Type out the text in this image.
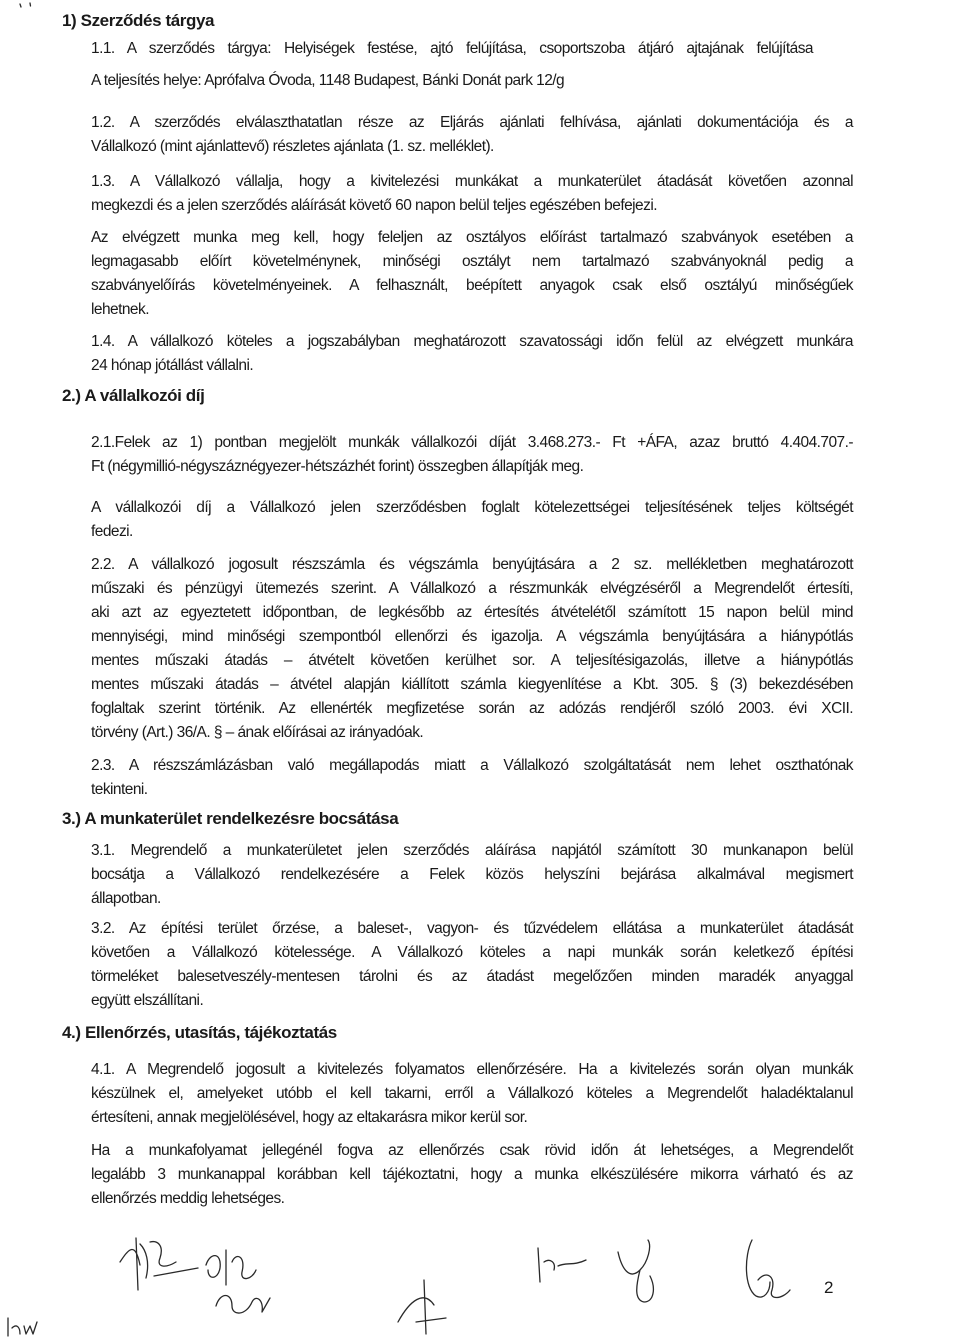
1) Szerződés tárgya
1.1. A szerződés tárgya: Helyiségek festése, ajtó felújítása, csoportszoba átjáró ajtajának felújítása
A teljesítés helye: Aprófalva Óvoda, 1148 Budapest, Bánki Donát park 12/g
1.2. A szerződés elválaszthatatlan része az Eljárás ajánlati felhívása, ajánlati dokumentációja és a
Vállalkozó (mint ajánlattevő) részletes ajánlata (1. sz. melléklet).
1.3. A Vállalkozó vállalja, hogy a kivitelezési munkákat a munkaterület átadását követően azonnal
megkezdi és a jelen szerződés aláírását követő 60 napon belül teljes egészében befejezi.
Az elvégzett munka meg kell, hogy feleljen az osztályos előírást tartalmazó szabványok esetében a
legmagasabb előírt követelménynek, minőségi osztályt nem tartalmazó szabványoknál pedig a
szabványelőírás követelményeinek. A felhasznált, beépített anyagok csak első osztályú minőségűek
lehetnek.
1.4. A vállalkozó köteles a jogszabályban meghatározott szavatossági időn felül az elvégzett munkára
24 hónap jótállást vállalni.
2.) A vállalkozói díj
2.1.Felek az 1) pontban megjelölt munkák vállalkozói díját 3.468.273.- Ft +ÁFA, azaz bruttó 4.404.707.-
Ft (négymillió-négyszáznégyezer-hétszázhét forint) összegben állapítják meg.
A vállalkozói díj a Vállalkozó jelen szerződésben foglalt kötelezettségei teljesítésének teljes költségét
fedezi.
2.2. A vállalkozó jogosult részszámla és végszámla benyújtására a 2 sz. mellékletben meghatározott
műszaki és pénzügyi ütemezés szerint. A Vállalkozó a részmunkák elvégzéséről a Megrendelőt értesíti,
aki azt az egyeztetett időpontban, de legkésőbb az értesítés átvételétől számított 15 napon belül mind
mennyiségi, mind minőségi szempontból ellenőrzi és igazolja. A végszámla benyújtására a hiánypótlás
mentes műszaki átadás – átvételt követően kerülhet sor. A teljesítésigazolás, illetve a hiánypótlás
mentes műszaki átadás – átvétel alapján kiállított számla kiegyenlítése a Kbt. 305. § (3) bekezdésében
foglaltak szerint történik. Az ellenérték megfizetése során az adózás rendjéről szóló 2003. évi XCII.
törvény (Art.) 36/A. § – ának előírásai az irányadóak.
2.3. A részszámlázásban való megállapodás miatt a Vállalkozó szolgáltatását nem lehet oszthatónak
tekinteni.
3.) A munkaterület rendelkezésre bocsátása
3.1. Megrendelő a munkaterületet jelen szerződés aláírása napjától számított 30 munkanapon belül
bocsátja a Vállalkozó rendelkezésére a Felek közös helyszíni bejárása alkalmával megismert
állapotban.
3.2. Az építési terület őrzése, a baleset-, vagyon- és tűzvédelem ellátása a munkaterület átadását
követően a Vállalkozó kötelessége. A Vállalkozó köteles a napi munkák során keletkező építési
törmeléket balesetveszély-mentesen tárolni és az átadást megelőzően minden maradék anyaggal
együtt elszállítani.
4.) Ellenőrzés, utasítás, tájékoztatás
4.1. A Megrendelő jogosult a kivitelezés folyamatos ellenőrzésére. Ha a kivitelezés során olyan munkák
készülnek el, amelyeket utóbb el kell takarni, erről a Vállalkozó köteles a Megrendelőt haladéktalanul
értesíteni, annak megjelölésével, hogy az eltakarásra mikor kerül sor.
Ha a munkafolyamat jellegénél fogva az ellenőrzés csak rövid időn át lehetséges, a Megrendelőt
legalább 3 munkanappal korábban kell tájékoztatni, hogy a munka elkészülésére mikorra várható és az
ellenőrzés meddig lehetséges.
2
